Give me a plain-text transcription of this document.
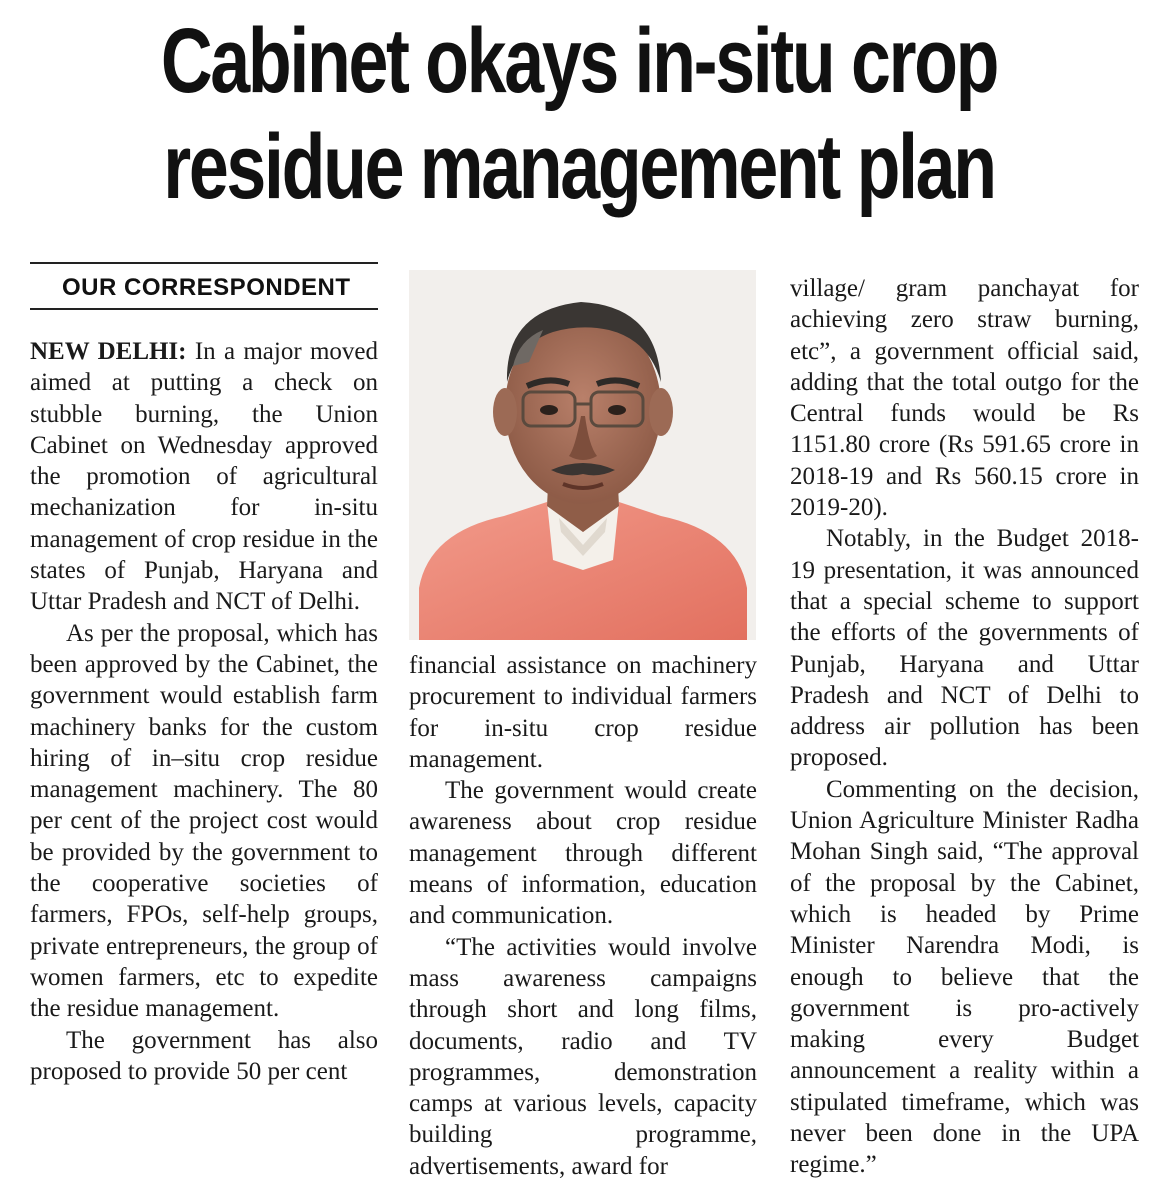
Cabinet okays in-situ crop
residue management plan
OUR CORRESPONDENT

NEW DELHI: In a major moved aimed at putting a check on stubble burning, the Union Cabinet on Wednesday approved the promotion of agricultural mechanization for in-situ management of crop residue in the states of Punjab, Haryana and Uttar Pradesh and NCT of Delhi.

As per the proposal, which has been approved by the Cabinet, the government would establish farm machinery banks for the custom hiring of in–situ crop residue management machinery. The 80 per cent of the project cost would be provided by the government to the cooperative societies of farmers, FPOs, self-help groups, private entrepreneurs, the group of women farmers, etc to expedite the residue management.

The government has also proposed to provide 50 per cent

financial assistance on machinery procurement to individual farmers for in-situ crop residue management.

The government would create awareness about crop residue management through different means of information, education and communication.

“The activities would involve mass awareness campaigns through short and long films, documents, radio and TV programmes, demonstration camps at various levels, capacity building programme, advertisements, award for

village/ gram panchayat for achieving zero straw burning, etc”, a government official said, adding that the total outgo for the Central funds would be Rs 1151.80 crore (Rs 591.65 crore in 2018-19 and Rs 560.15 crore in 2019-20).

Notably, in the Budget 2018-19 presentation, it was announced that a special scheme to support the efforts of the governments of Punjab, Haryana and Uttar Pradesh and NCT of Delhi to address air pollution has been proposed.

Commenting on the decision, Union Agriculture Minister Radha Mohan Singh said, “The approval of the proposal by the Cabinet, which is headed by Prime Minister Narendra Modi, is enough to believe that the government is pro-actively making every Budget announcement a reality within a stipulated timeframe, which was never been done in the UPA regime.”
